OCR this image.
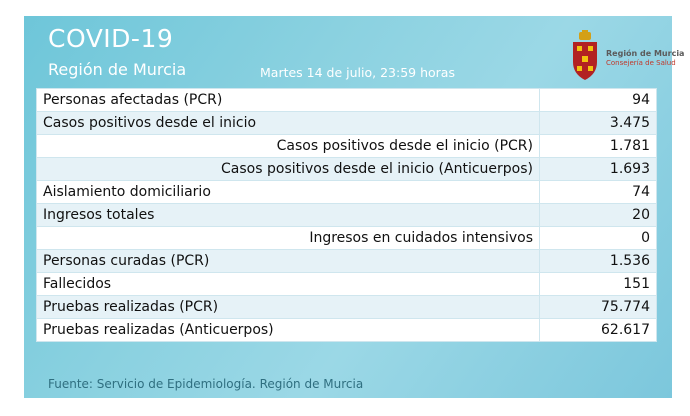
COVID-19
Región de Murcia	Martes 14 de julio, 23:59 horas
Región de Murcia
Consejería de Salud
Personas afectadas (PCR)	94
Casos positivos desde el inicio	3.475
Casos positivos desde el inicio (PCR)	1.781
Casos positivos desde el inicio (Anticuerpos)	1.693
Aislamiento domiciliario	74
Ingresos totales	20
Ingresos en cuidados intensivos	0
Personas curadas (PCR)	1.536
Fallecidos	151
Pruebas realizadas (PCR)	75.774
Pruebas realizadas (Anticuerpos)	62.617
Fuente: Servicio de Epidemiología. Región de Murcia
